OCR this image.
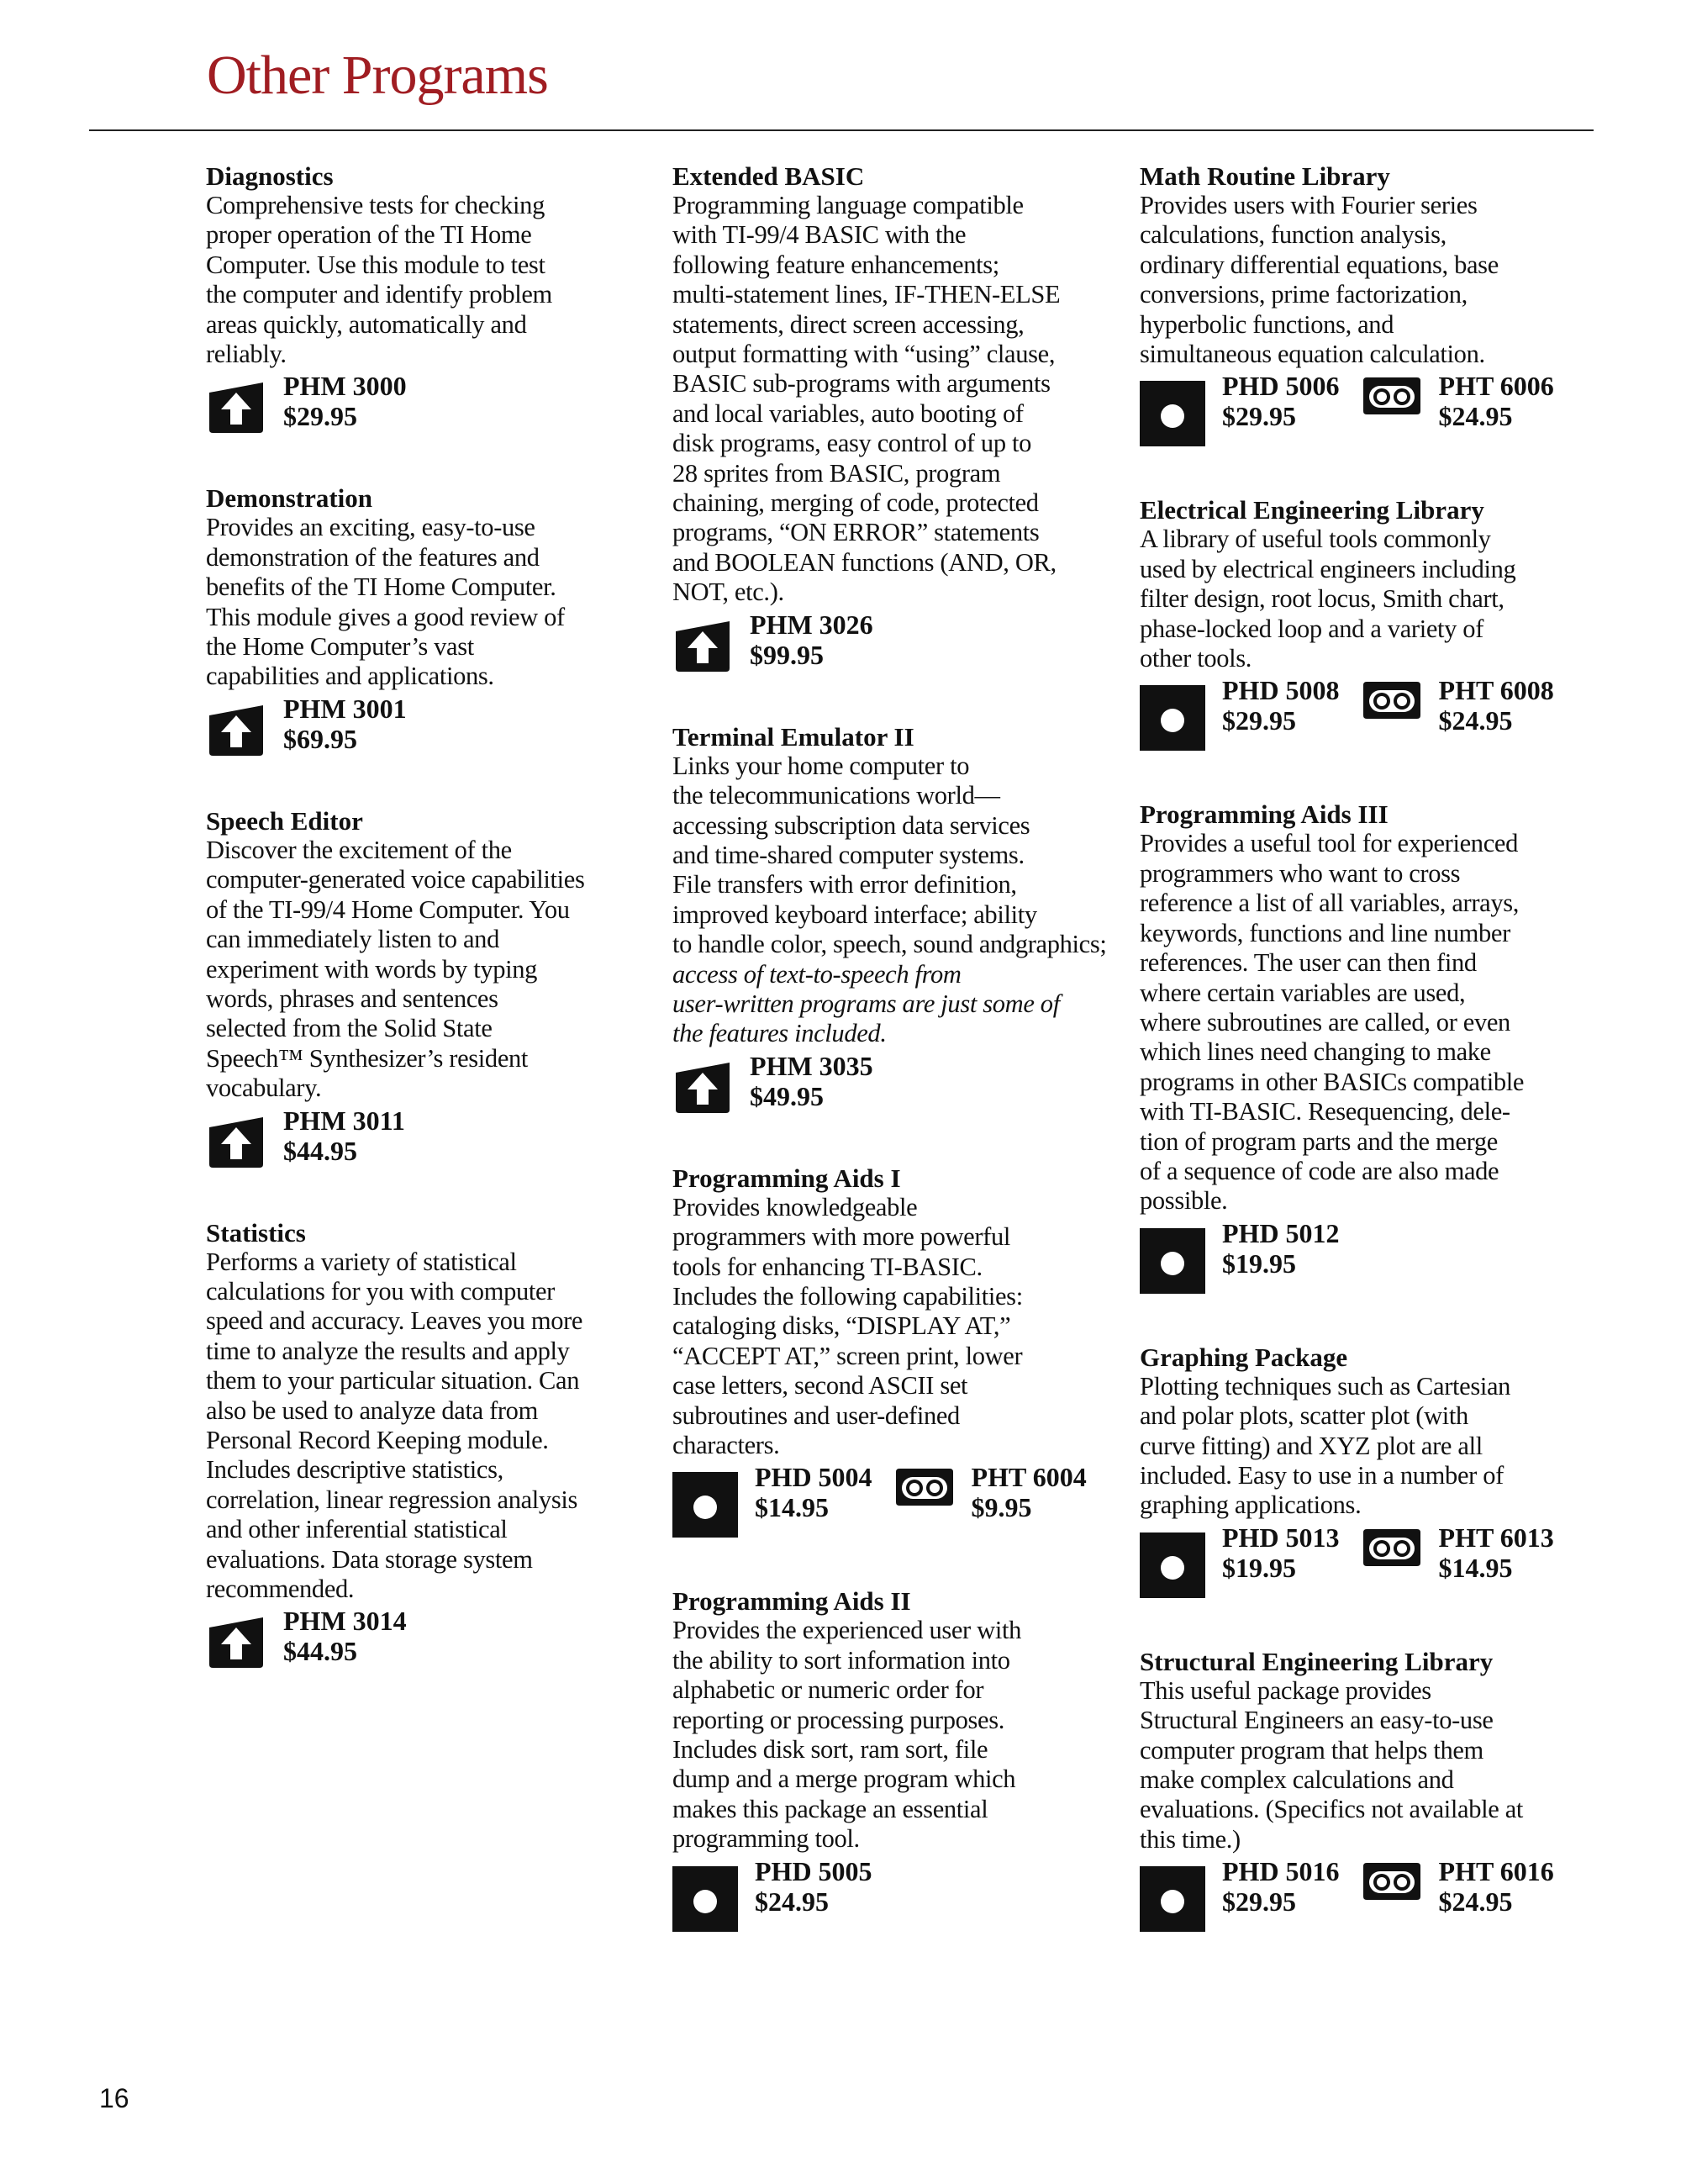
Other Programs
Diagnostics
Comprehensive tests for checking
proper operation of the TI Home
Computer. Use this module to test
the computer and identify problem
areas quickly, automatically and
reliably.
PHM 3000
$29.95
Demonstration
Provides an exciting, easy-to-use
demonstration of the features and
benefits of the TI Home Computer.
This module gives a good review of
the Home Computer’s vast
capabilities and applications.
PHM 3001
$69.95
Speech Editor
Discover the excitement of the
computer-generated voice capabilities
of the TI-99/4 Home Computer. You
can immediately listen to and
experiment with words by typing
words, phrases and sentences
selected from the Solid State
Speech™ Synthesizer’s resident
vocabulary.
PHM 3011
$44.95
Statistics
Performs a variety of statistical
calculations for you with computer
speed and accuracy. Leaves you more
time to analyze the results and apply
them to your particular situation. Can
also be used to analyze data from
Personal Record Keeping module.
Includes descriptive statistics,
correlation, linear regression analysis
and other inferential statistical
evaluations. Data storage system
recommended.
PHM 3014
$44.95
Extended BASIC
Programming language compatible
with TI-99/4 BASIC with the
following feature enhancements;
multi-statement lines, IF-THEN-ELSE
statements, direct screen accessing,
output formatting with “using” clause,
BASIC sub-programs with arguments
and local variables, auto booting of
disk programs, easy control of up to
28 sprites from BASIC, program
chaining, merging of code, protected
programs, “ON ERROR” statements
and BOOLEAN functions (AND, OR,
NOT, etc.).
PHM 3026
$99.95
Terminal Emulator II
Links your home computer to
the telecommunications world—
accessing subscription data services
and time-shared computer systems.
File transfers with error definition,
improved keyboard interface; ability
to handle color, speech, sound andgraphics; access of text-to-speech from
user-written programs are just some of
the features included.
PHM 3035
$49.95
Programming Aids I
Provides knowledgeable
programmers with more powerful
tools for enhancing TI-BASIC.
Includes the following capabilities:
cataloging disks, “DISPLAY AT,”
“ACCEPT AT,” screen print, lower
case letters, second ASCII set
subroutines and user-defined
characters.
PHD 5004
$14.95
PHT 6004
$9.95
Programming Aids II
Provides the experienced user with
the ability to sort information into
alphabetic or numeric order for
reporting or processing purposes.
Includes disk sort, ram sort, file
dump and a merge program which
makes this package an essential
programming tool.
PHD 5005
$24.95
Math Routine Library
Provides users with Fourier series
calculations, function analysis,
ordinary differential equations, base
conversions, prime factorization,
hyperbolic functions, and
simultaneous equation calculation.
PHD 5006
$29.95
PHT 6006
$24.95
Electrical Engineering Library
A library of useful tools commonly
used by electrical engineers including
filter design, root locus, Smith chart,
phase-locked loop and a variety of
other tools.
PHD 5008
$29.95
PHT 6008
$24.95
Programming Aids III
Provides a useful tool for experienced
programmers who want to cross
reference a list of all variables, arrays,
keywords, functions and line number
references. The user can then find
where certain variables are used,
where subroutines are called, or even
which lines need changing to make
programs in other BASICs compatible
with TI-BASIC. Resequencing, dele-
tion of program parts and the merge
of a sequence of code are also made
possible.
PHD 5012
$19.95
Graphing Package
Plotting techniques such as Cartesian
and polar plots, scatter plot (with
curve fitting) and XYZ plot are all
included. Easy to use in a number of
graphing applications.
PHD 5013
$19.95
PHT 6013
$14.95
Structural Engineering Library
This useful package provides
Structural Engineers an easy-to-use
computer program that helps them
make complex calculations and
evaluations. (Specifics not available at
this time.)
PHD 5016
$29.95
PHT 6016
$24.95
16
